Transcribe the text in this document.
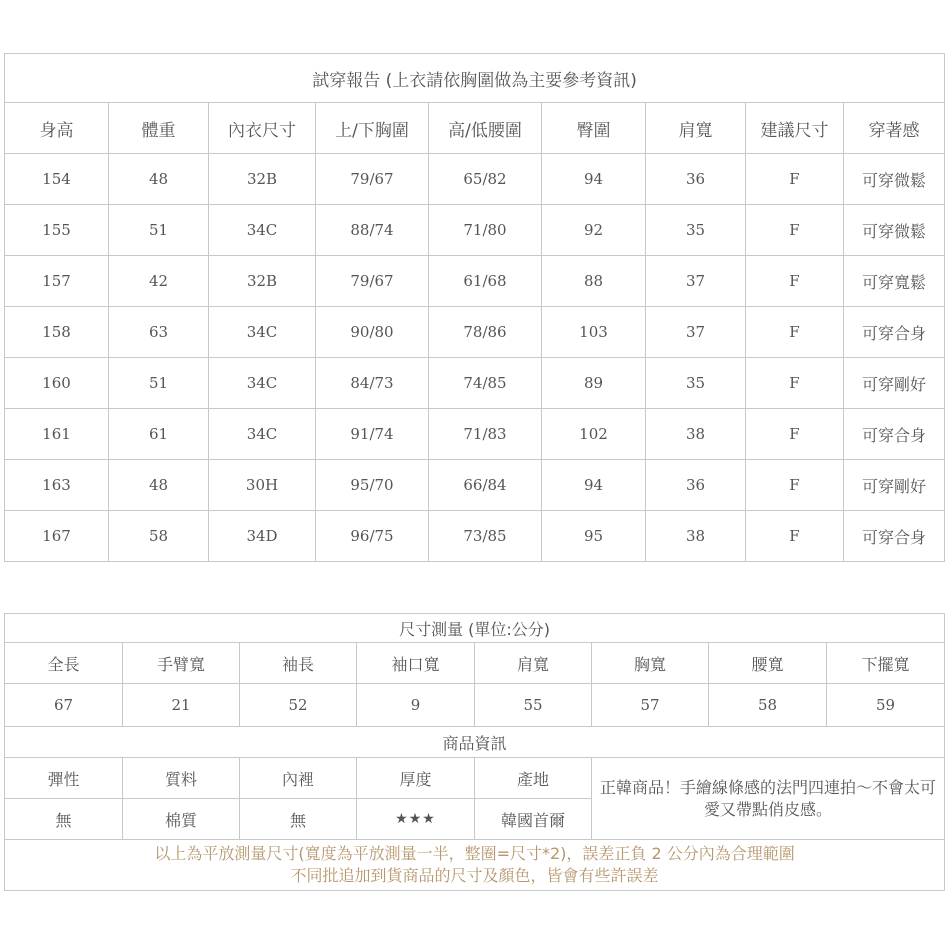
試穿報告 (上衣請依胸圍做為主要參考資訊)								
身高	體重	內衣尺寸	上/下胸圍	高/低腰圍	臀圍	肩寬	建議尺寸	穿著感
154	48	32B	79/67	65/82	94	36	F	可穿微鬆
155	51	34C	88/74	71/80	92	35	F	可穿微鬆
157	42	32B	79/67	61/68	88	37	F	可穿寬鬆
158	63	34C	90/80	78/86	103	37	F	可穿合身
160	51	34C	84/73	74/85	89	35	F	可穿剛好
161	61	34C	91/74	71/83	102	38	F	可穿合身
163	48	30H	95/70	66/84	94	36	F	可穿剛好
167	58	34D	96/75	73/85	95	38	F	可穿合身
尺寸測量 (單位:公分)							
全長	手臂寬	袖長	袖口寬	肩寬	胸寬	腰寬	下擺寬
67	21	52	9	55	57	58	59
商品資訊							
彈性	質料	內裡	厚度	產地	正韓商品！手繪線條感的法門四連拍～不會太可愛又帶點俏皮感。		
無	棉質	無	★★★	韓國首爾			

以上為平放測量尺寸(寬度為平放測量一半，整圈=尺寸*2)，誤差正負 2 公分內為合理範圍
不同批追加到貨商品的尺寸及顏色，皆會有些許誤差							
